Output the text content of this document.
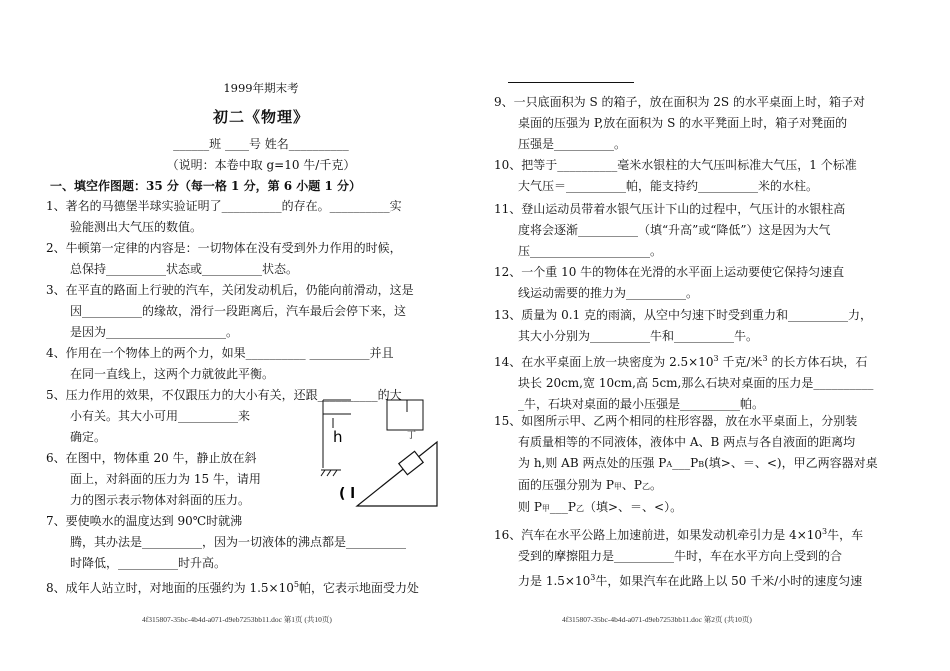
1999年期末考
初二《物理》
______班 ____号 姓名__________
（说明：本卷中取 g=10 牛/千克）
一、填空作图题：35 分（每一格 1 分，第 6 小题 1 分）
1、著名的马德堡半球实验证明了__________的存在。__________实
验能测出大气压的数值。
2、牛顿第一定律的内容是：一切物体在没有受到外力作用的时候，
总保持__________状态或__________状态。
3、在平直的路面上行驶的汽车，关闭发动机后，仍能向前滑动，这是
因__________的缘故，滑行一段距离后，汽车最后会停下来，这
是因为____________________。
4、作用在一个物体上的两个力，如果__________ __________并且
在同一直线上，这两个力就彼此平衡。
5、压力作用的效果，不仅跟压力的大小有关，还跟__________的大
小有关。其大小可用__________来
确定。
6、在图中，物体重 20 牛，静止放在斜
面上，对斜面的压力为 15 牛，请用
力的图示表示物体对斜面的压力。
7、要使唤水的温度达到 90℃时就沸
腾，其办法是__________，因为一切液体的沸点都是__________
时降低，__________时升高。
8、成年人站立时，对地面的压强约为 $1.5\times 10^5$帕，它表示地面受力处
h	丁
( l
4f315807-35bc-4b4d-a071-d9eb7253bb11.doc 第1页 (共10页)
9、一只底面积为 S 的箱子，放在面积为 2S 的水平桌面上时，箱子对
桌面的压强为 P,放在面积为 S 的水平凳面上时，箱子对凳面的
压强是__________。
10、把等于__________毫米水银柱的大气压叫标准大气压，1 个标准
大气压＝__________帕，能支持约__________米的水柱。
11、登山运动员带着水银气压计下山的过程中，气压计的水银柱高
度将会逐渐__________（填“升高”或“降低”）这是因为大气
压____________________。
12、一个重 10 牛的物体在光滑的水平面上运动要使它保持匀速直
线运动需要的推力为__________。
13、质量为 0.1 克的雨滴，从空中匀速下时受到重力和__________力，
其大小分别为__________牛和__________牛。
14、在水平桌面上放一块密度为 $2.5\times 10^3$ 千克/米$^3$ 的长方体石块，石
块长 20cm,宽 10cm,高 5cm,那么石块对桌面的压力是__________
_牛，石块对桌面的最小压强是__________帕。
15、如图所示甲、乙两个相同的柱形容器，放在水平桌面上，分别装
有质量相等的不同液体，液体中 A、B 两点与各自液面的距离均
为 h,则 AB 两点处的压强 PA___PB(填>、＝、<)，甲乙两容器对桌
面的压强分别为 P甲、P乙。
则 P甲___P乙（填>、＝、<）。
16、汽车在水平公路上加速前进，如果发动机牵引力是 $4\times 10^3$牛，车
受到的摩擦阻力是__________牛时，车在水平方向上受到的合
力是 $1.5\times 10^3$牛，如果汽车在此路上以 50 千米/小时的速度匀速
4f315807-35bc-4b4d-a071-d9eb7253bb11.doc 第2页 (共10页)
